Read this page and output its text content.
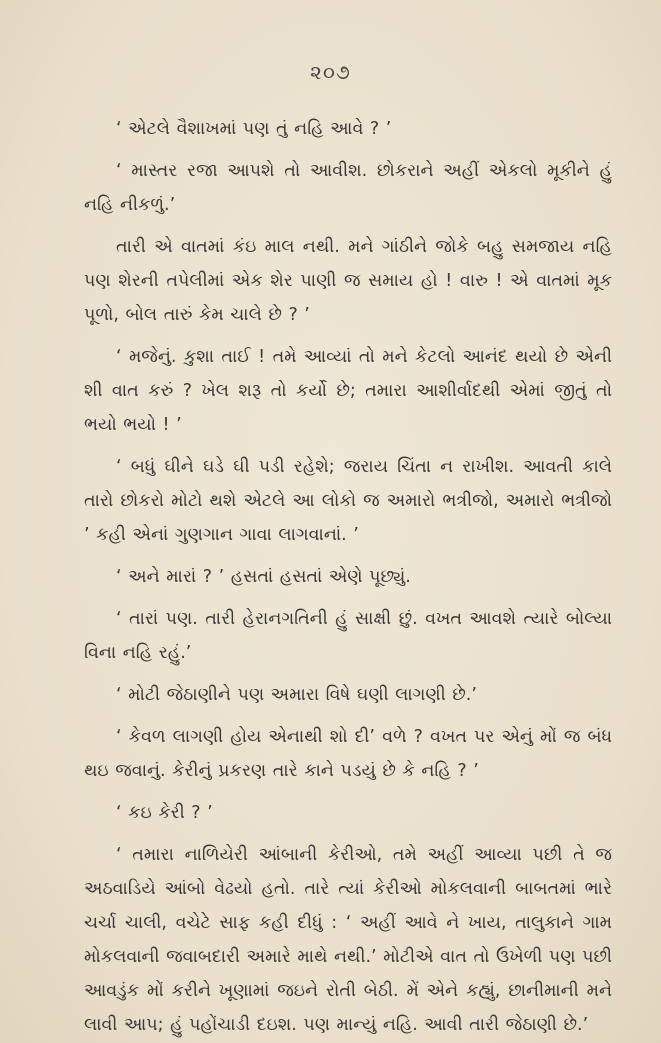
૨૦૭

‘ એટલે વૈશાખમાં પણ તું નહિ આવે ? ’

‘ માસ્તર રજા આપશે તો આવીશ. છોકરાને અહીં એકલો મૂકીને હું નહિ નીકળું.’

તારી એ વાતમાં કંઇ માલ નથી. મને ગાંઠીને જોકે બહુ સમજાય નહિ પણ શેરની તપેલીમાં એક શેર પાણી જ સમાય હો ! વારુ ! એ વાતમાં મૂક પૂળો, બોલ તારું કેમ ચાલે છે ? ’

‘ મજેનું. કુશા તાઈ ! તમે આવ્યાં તો મને કેટલો આનંદ થયો છે એની શી વાત કરું ? ખેલ શરૂ તો કર્યો છે; તમારા આશીર્વાદથી એમાં જીતું તો ભયો ભયો ! ’

‘ બધું ઘીને ઘડે ઘી પડી રહેશે; જરાય ચિંતા ન રાખીશ. આવતી કાલે તારો છોકરો મોટો થશે એટલે આ લોકો જ અમારો ભત્રીજો, અમારો ભત્રીજો ’ કહી એનાં ગુણગાન ગાવા લાગવાનાં. ’

‘ અને મારાં ? ’ હસતાં હસતાં એણે પૂછ્યું.

‘ તારાં પણ. તારી હેરાનગતિની હું સાક્ષી છું. વખત આવશે ત્યારે બોલ્યા વિના નહિ રહું.’

‘ મોટી જેઠાણીને પણ અમારા વિષે ઘણી લાગણી છે.’

‘ કેવળ લાગણી હોય એનાથી શો દી’ વળે ? વખત પર એનું મોં જ બંધ થઇ જવાનું. કેરીનું પ્રકરણ તારે કાને પડયું છે કે નહિ ? ’

‘ કઇ કેરી ? ’

‘ તમારા નાળિયેરી આંબાની કેરીઓ, તમે અહીં આવ્યા પછી તે જ અઠવાડિયે આંબો વેઢયો હતો. તારે ત્યાં કેરીઓ મોકલવાની બાબતમાં ભારે ચર્ચા ચાલી, વચેટે સાફ કહી દીધું : ‘ અહીં આવે ને ખાય, તાલુકાને ગામ મોકલવાની જવાબદારી અમારે માથે નથી.’ મોટીએ વાત તો ઉખેળી પણ પછી આવડુંક મોં કરીને ખૂણામાં જઇને રોતી બેઠી. મેં એને કહ્યું, છાનીમાની મને લાવી આપ; હું પહોંચાડી દઇશ. પણ માન્યું નહિ. આવી તારી જેઠાણી છે.’
